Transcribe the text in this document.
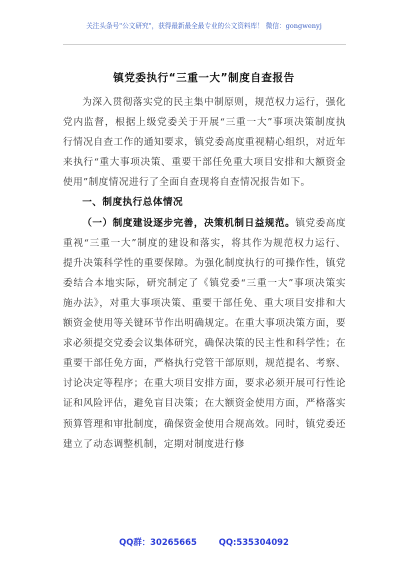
关注头条号"公文研究"，获得最新最全最专业的公文资料库！ 微信：gongwenyj
镇党委执行“三重一大”制度自查报告

为深入贯彻落实党的民主集中制原则，规范权力运行，强化党内监督，根据上级党委关于开展“三重一大”事项决策制度执行情况自查工作的通知要求，镇党委高度重视精心组织，对近年来执行“重大事项决策、重要干部任免重大项目安排和大额资金使用”制度情况进行了全面自查现将自查情况报告如下。

一、制度执行总体情况

（一）制度建设逐步完善，决策机制日益规范。镇党委高度重视“三重一大”制度的建设和落实，将其作为规范权力运行、提升决策科学性的重要保障。为强化制度执行的可操作性，镇党委结合本地实际，研究制定了《镇党委“三重一大”事项决策实施办法》，对重大事项决策、重要干部任免、重大项目安排和大额资金使用等关键环节作出明确规定。在重大事项决策方面，要求必须提交党委会议集体研究，确保决策的民主性和科学性；在重要干部任免方面，严格执行党管干部原则，规范提名、考察、讨论决定等程序；在重大项目安排方面，要求必须开展可行性论证和风险评估，避免盲目决策；在大额资金使用方面，严格落实预算管理和审批制度，确保资金使用合规高效。同时，镇党委还建立了动态调整机制，定期对制度进行修

QQ群：30265665	QQ:535304092
